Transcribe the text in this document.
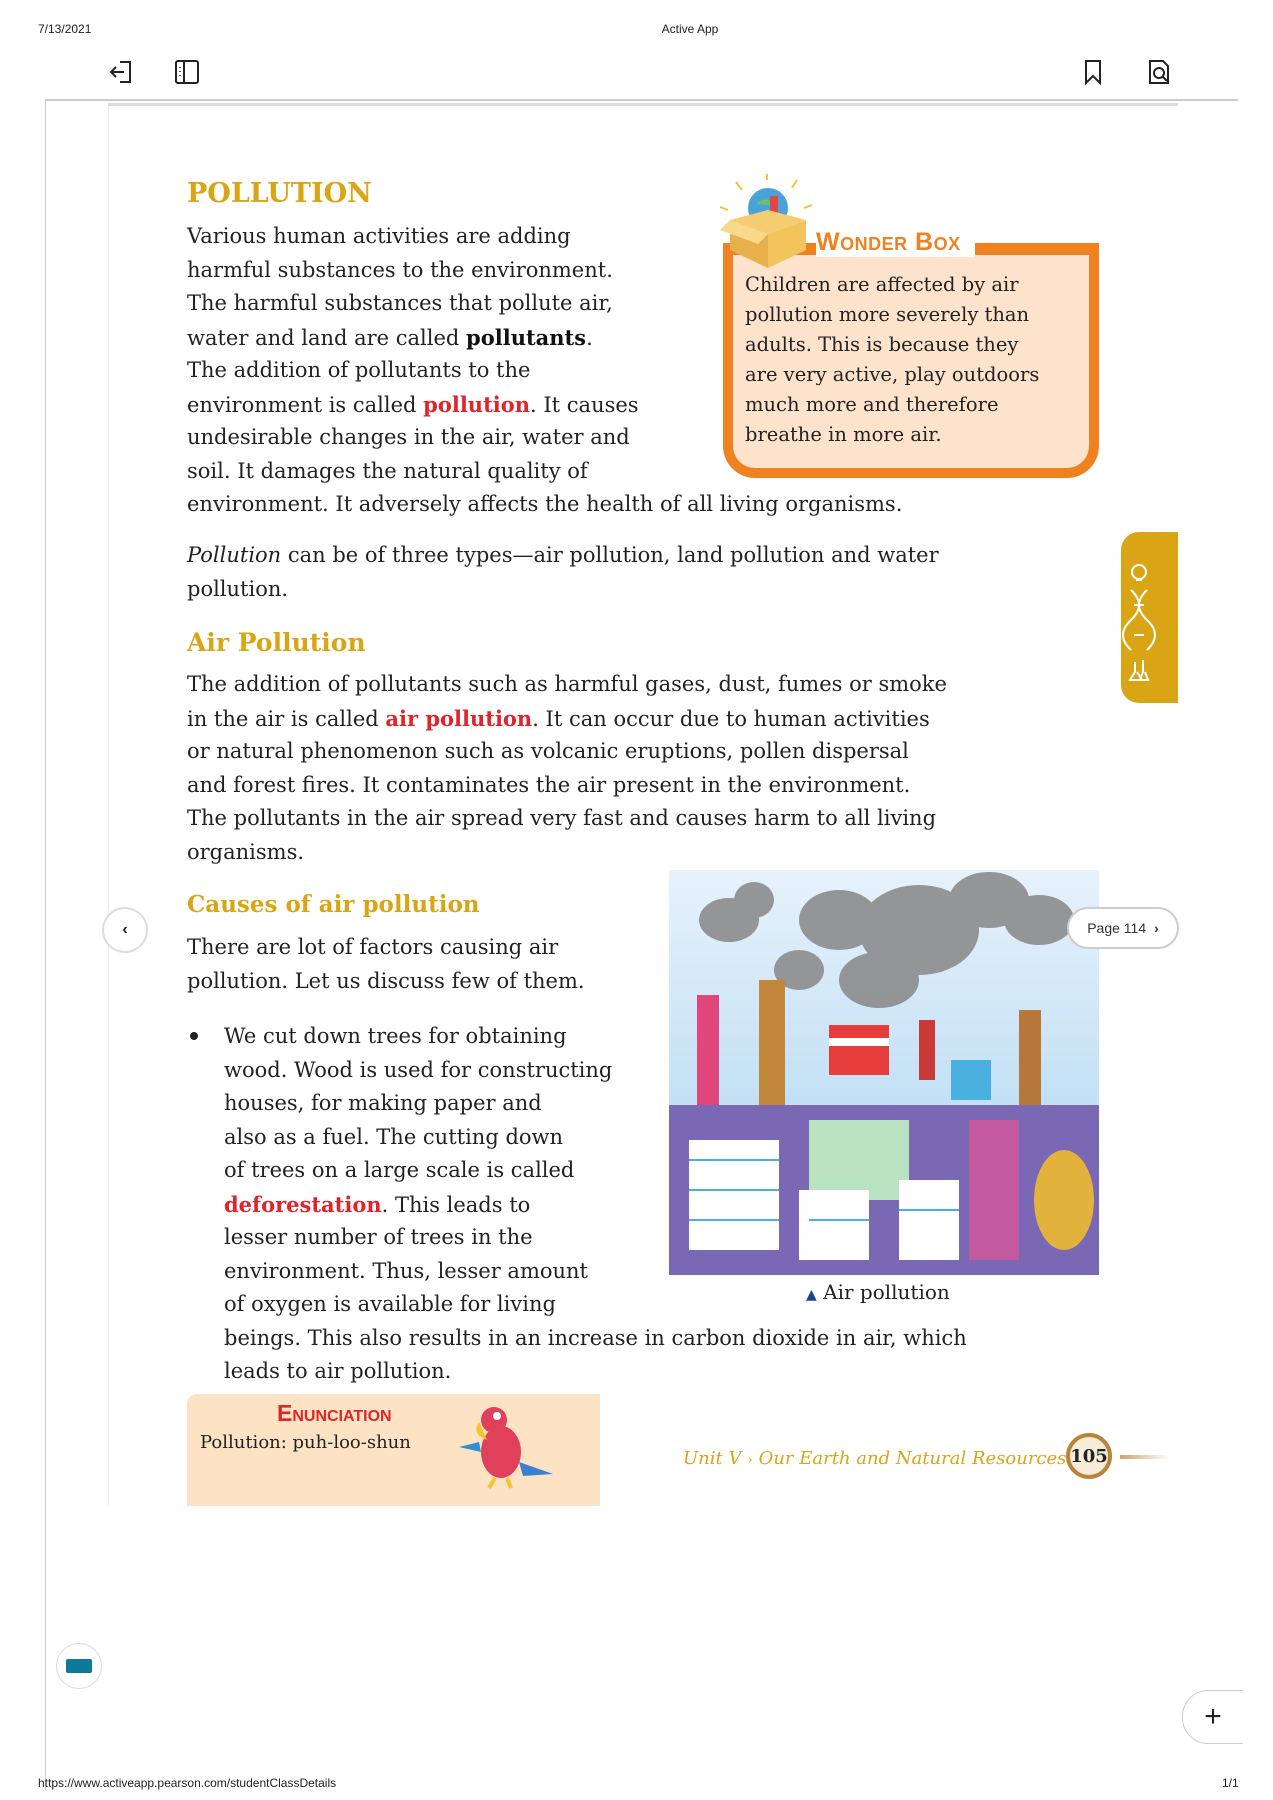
7/13/2021	Active App
POLLUTION
Various human activities are adding
harmful substances to the environment.
The harmful substances that pollute air,
water and land are called pollutants.
The addition of pollutants to the
environment is called pollution. It causes
undesirable changes in the air, water and
soil. It damages the natural quality of
environment. It adversely affects the health of all living organisms.
Pollution can be of three types—air pollution, land pollution and water
pollution.
Air Pollution
The addition of pollutants such as harmful gases, dust, fumes or smoke
in the air is called air pollution. It can occur due to human activities
or natural phenomenon such as volcanic eruptions, pollen dispersal
and forest fires. It contaminates the air present in the environment.
The pollutants in the air spread very fast and causes harm to all living
organisms.
Causes of air pollution
There are lot of factors causing air
pollution. Let us discuss few of them.
We cut down trees for obtaining
wood. Wood is used for constructing
houses, for making paper and
also as a fuel. The cutting down
of trees on a large scale is called
deforestation. This leads to
lesser number of trees in the
environment. Thus, lesser amount
of oxygen is available for living
beings. This also results in an increase in carbon dioxide in air, which
leads to air pollution.
Wonder Box
Children are affected by air
pollution more severely than
adults. This is because they
are very active, play outdoors
much more and therefore
breathe in more air.
▲ Air pollution
‹	Page 114 ›
Enunciation
Pollution: puh-loo-shun
Unit V › Our Earth and Natural Resources 105
+
https://www.activeapp.pearson.com/studentClassDetails	1/1
